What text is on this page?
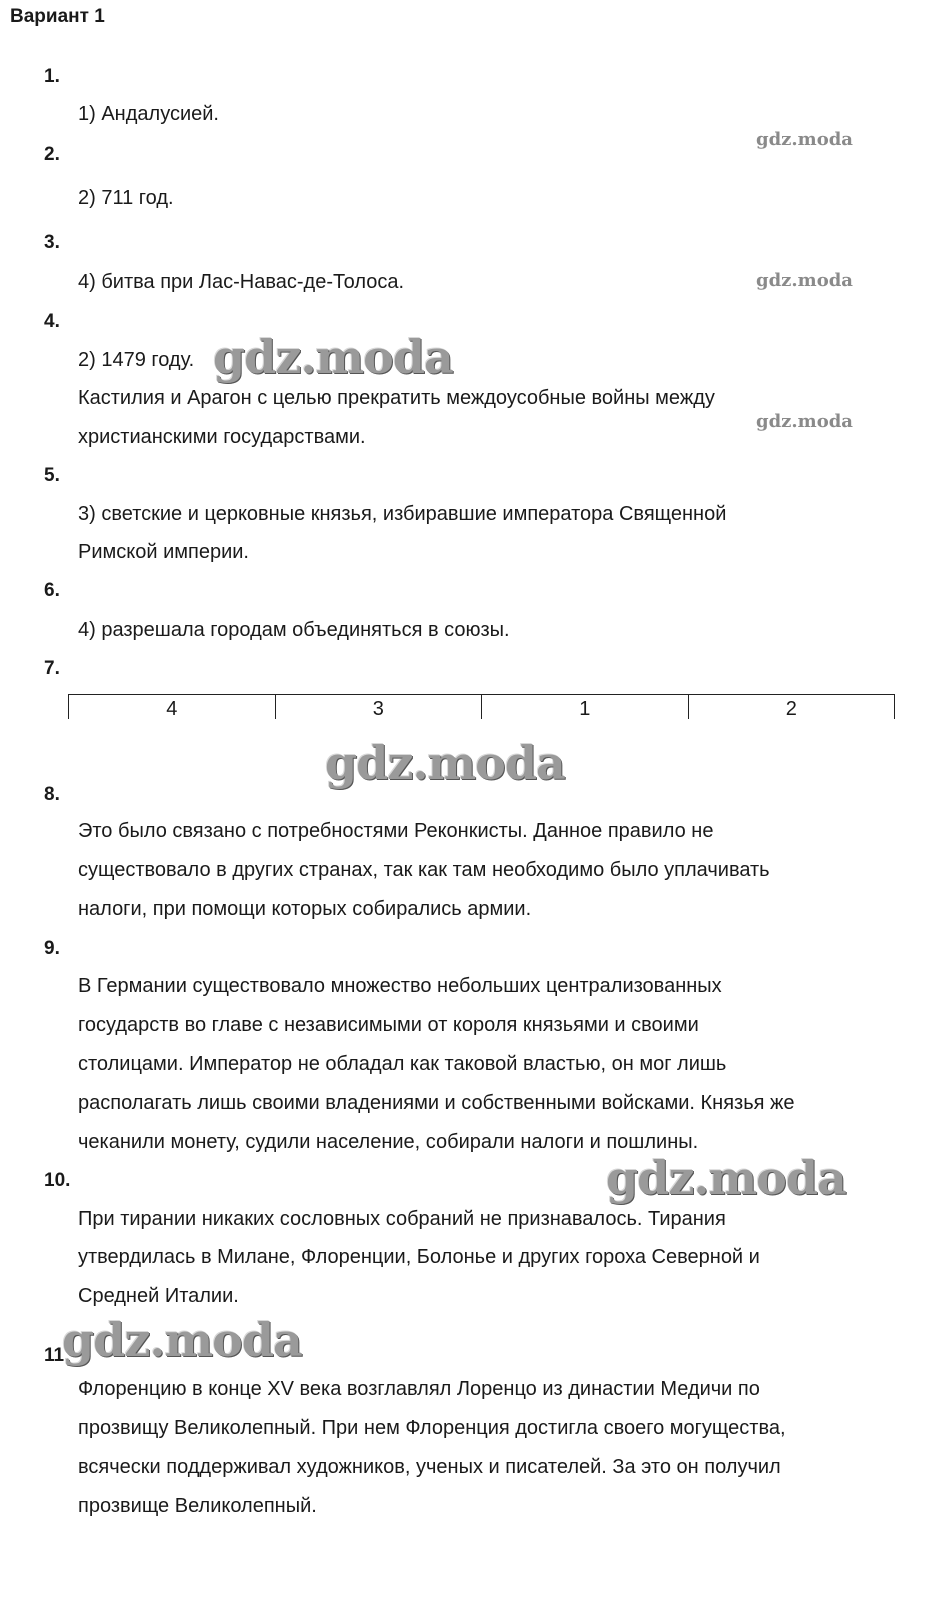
Вариант 1
1.
1) Андалусией.
2.
2) 711 год.
3.
4) битва при Лас-Навас-де-Толоса.
4.
2) 1479 году.
Кастилия и Арагон с целью прекратить междоусобные войны между
христианскими государствами.
5.
3) светские и церковные князья, избиравшие императора Священной
Римской империи.
6.
4) разрешала городам объединяться в союзы.
7.
4	3	1	2
8.
Это было связано с потребностями Реконкисты. Данное правило не
существовало в других странах, так как там необходимо было уплачивать
налоги, при помощи которых собирались армии.
9.
В Германии существовало множество небольших централизованных
государств во главе с независимыми от короля князьями и своими
столицами. Император не обладал как таковой властью, он мог лишь
располагать лишь своими владениями и собственными войсками. Князья же
чеканили монету, судили население, собирали налоги и пошлины.
10.
При тирании никаких сословных собраний не признавалось. Тирания
утвердилась в Милане, Флоренции, Болонье и других гороха Северной и
Средней Италии.
11.
Флоренцию в конце XV века возглавлял Лоренцо из династии Медичи по
прозвищу Великолепный. При нем Флоренция достигла своего могущества,
всячески поддерживал художников, ученых и писателей. За это он получил
прозвище Великолепный.
gdz.moda
gdz.moda
gdz.moda
gdz.moda
gdz.moda
gdz.moda
gdz.moda
